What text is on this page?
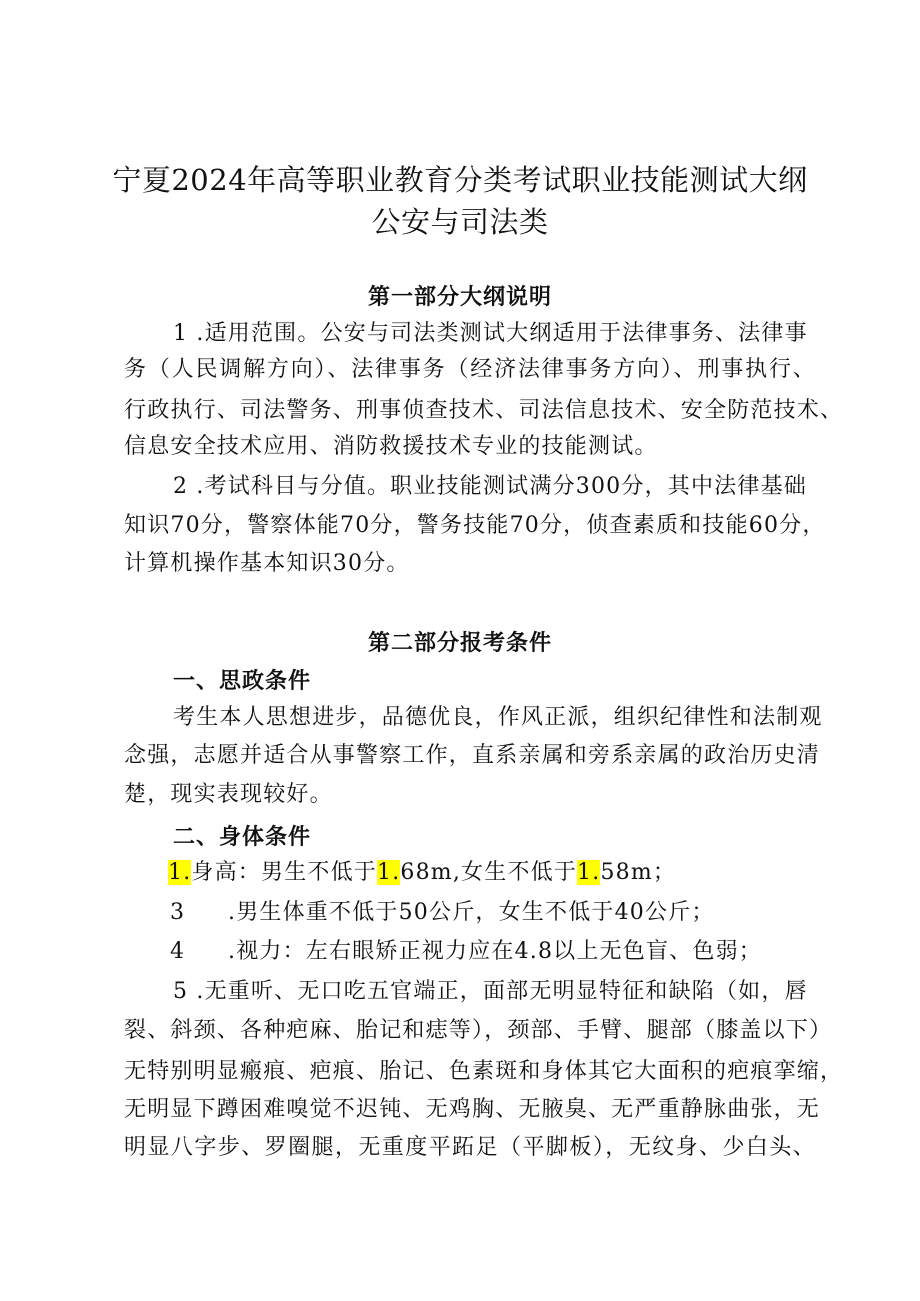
宁夏2024年高等职业教育分类考试职业技能测试大纲
公安与司法类
第一部分大纲说明
1 .适用范围。公安与司法类测试大纲适用于法律事务、法律事
务（人民调解方向）、法律事务（经济法律事务方向）、刑事执行、
行政执行、司法警务、刑事侦查技术、司法信息技术、安全防范技术、
信息安全技术应用、消防救援技术专业的技能测试。
2 .考试科目与分值。职业技能测试满分300分，其中法律基础
知识70分，警察体能70分，警务技能70分，侦查素质和技能60分，
计算机操作基本知识30分。
第二部分报考条件
一、思政条件
考生本人思想进步，品德优良，作风正派，组织纪律性和法制观
念强，志愿并适合从事警察工作，直系亲属和旁系亲属的政治历史清
楚，现实表现较好。
二、身体条件
1.身高：男生不低于1.68m,女生不低于1.58m；
3	.男生体重不低于50公斤，女生不低于40公斤；
4	.视力：左右眼矫正视力应在4.8以上无色盲、色弱；
5 .无重听、无口吃五官端正，面部无明显特征和缺陷（如，唇
裂、斜颈、各种疤麻、胎记和痣等），颈部、手臂、腿部（膝盖以下）
无特别明显瘢痕、疤痕、胎记、色素斑和身体其它大面积的疤痕挛缩，
无明显下蹲困难嗅觉不迟钝、无鸡胸、无腋臭、无严重静脉曲张，无
明显八字步、罗圈腿，无重度平跖足（平脚板），无纹身、少白头、
